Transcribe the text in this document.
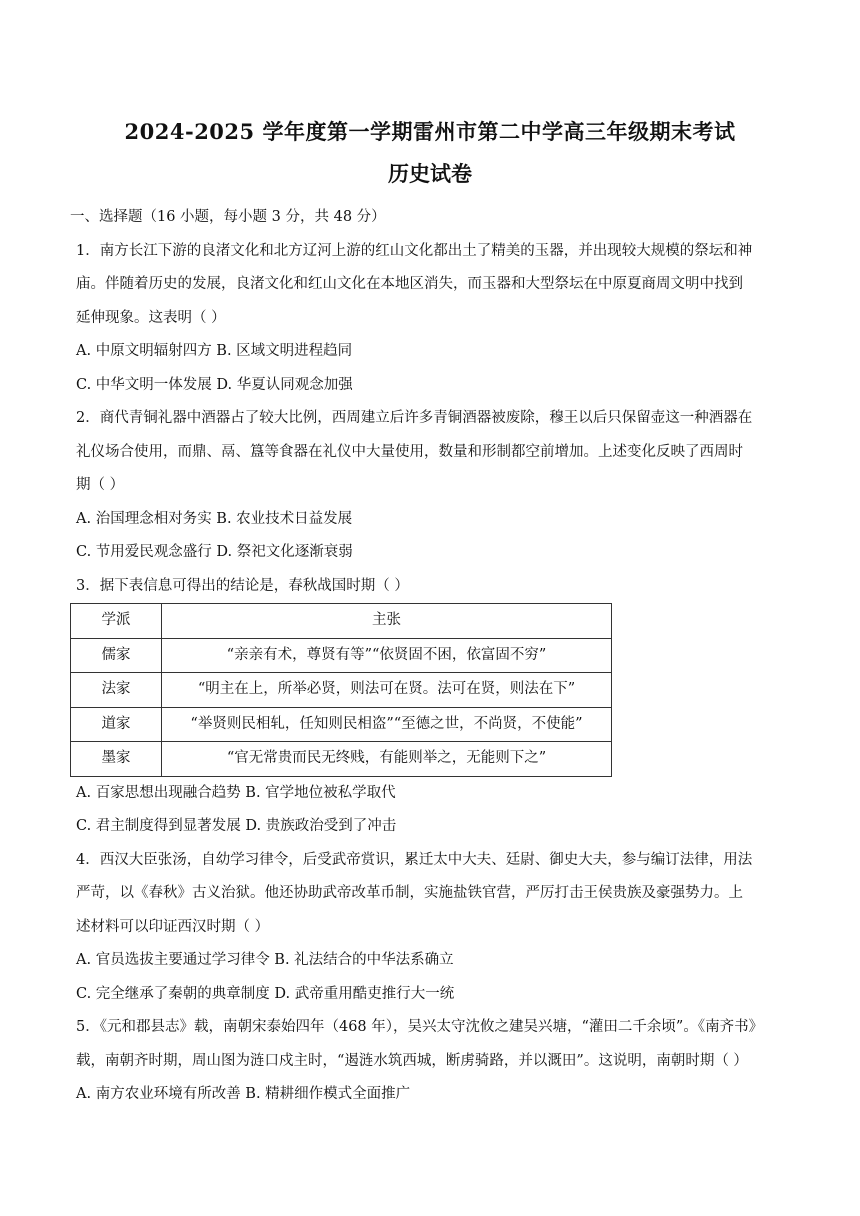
2024-2025 学年度第一学期雷州市第二中学高三年级期末考试
历史试卷

一、选择题（16 小题，每小题 3 分，共 48 分）

1．南方长江下游的良渚文化和北方辽河上游的红山文化都出土了精美的玉器，并出现较大规模的祭坛和神

庙。伴随着历史的发展，良渚文化和红山文化在本地区消失，而玉器和大型祭坛在中原夏商周文明中找到

延伸现象。这表明（ ）

A. 中原文明辐射四方 B. 区域文明进程趋同

C. 中华文明一体发展 D. 华夏认同观念加强

2．商代青铜礼器中酒器占了较大比例，西周建立后许多青铜酒器被废除，穆王以后只保留壶这一种酒器在

礼仪场合使用，而鼎、鬲、簋等食器在礼仪中大量使用，数量和形制都空前增加。上述变化反映了西周时

期（ ）

A. 治国理念相对务实 B. 农业技术日益发展

C. 节用爱民观念盛行 D. 祭祀文化逐渐衰弱

3．据下表信息可得出的结论是，春秋战国时期（ ）

学派	主张
儒家	“亲亲有术，尊贤有等”“依贤固不困，依富固不穷”
法家	“明主在上，所举必贤，则法可在贤。法可在贤，则法在下”
道家	“举贤则民相轧，任知则民相盗”“至德之世，不尚贤，不使能”
墨家	“官无常贵而民无终贱，有能则举之，无能则下之”

A. 百家思想出现融合趋势 B. 官学地位被私学取代

C. 君主制度得到显著发展 D. 贵族政治受到了冲击

4．西汉大臣张汤，自幼学习律令，后受武帝赏识，累迁太中大夫、廷尉、御史大夫，参与编订法律，用法

严苛，以《春秋》古义治狱。他还协助武帝改革币制，实施盐铁官营，严厉打击王侯贵族及豪强势力。上

述材料可以印证西汉时期（ ）

A. 官员选拔主要通过学习律令 B. 礼法结合的中华法系确立

C. 完全继承了秦朝的典章制度 D. 武帝重用酷吏推行大一统

5．《元和郡县志》载，南朝宋泰始四年（468 年），吴兴太守沈攸之建吴兴塘，“灌田二千余顷”。《南齐书》

载，南朝齐时期，周山图为涟口戍主时，“遏涟水筑西城，断虏骑路，并以溉田”。这说明，南朝时期（ ）

A. 南方农业环境有所改善 B. 精耕细作模式全面推广
